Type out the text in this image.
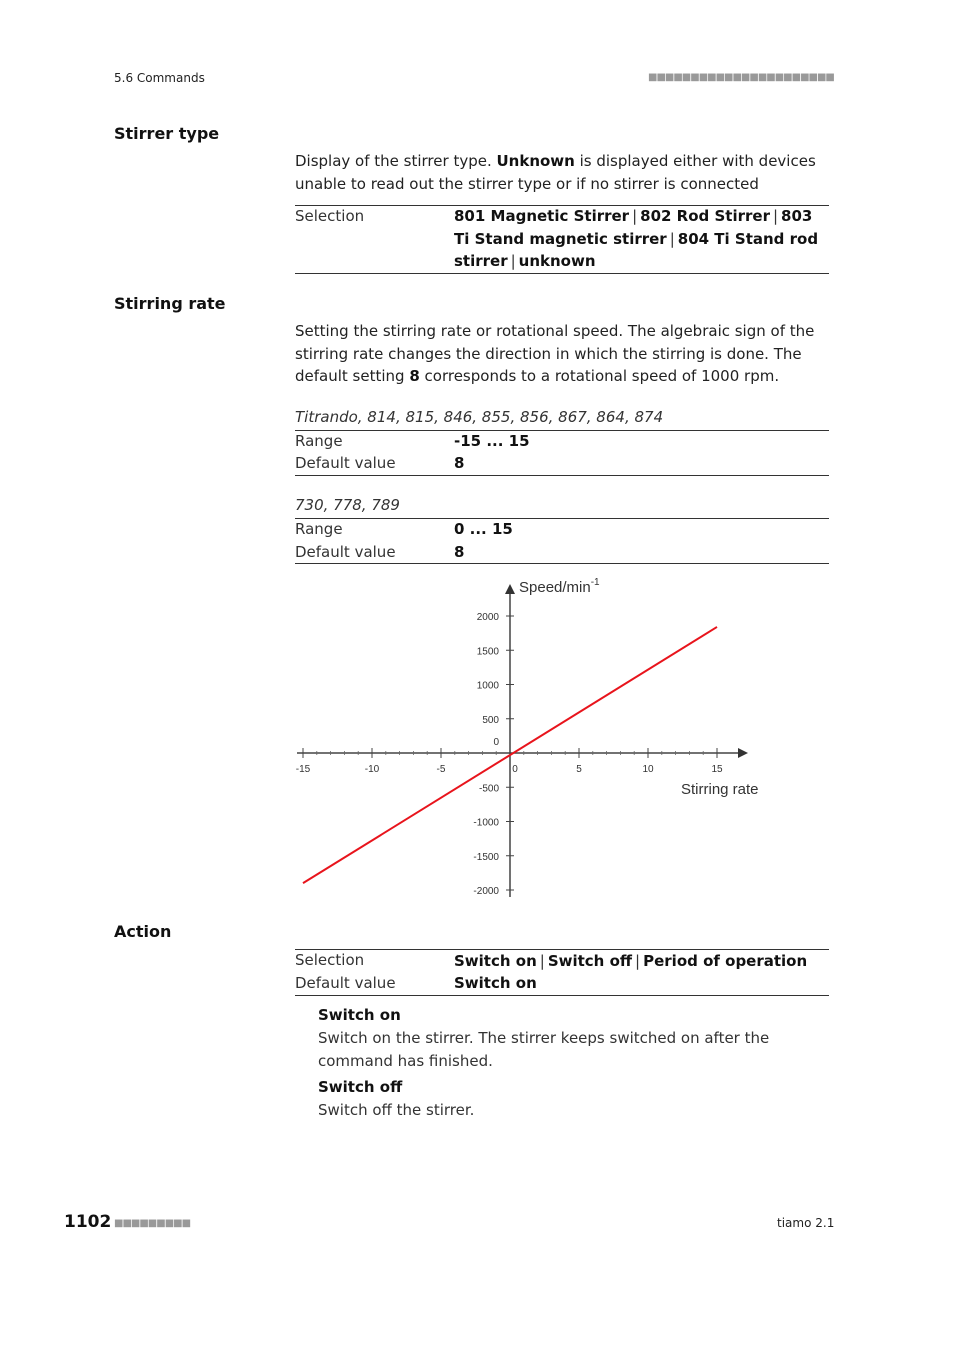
5.6 Commands	■■■■■■■■■■■■■■■■■■■■■■
Stirrer type
Display of the stirrer type. Unknown is displayed either with devices unable to read out the stirrer type or if no stirrer is connected
Selection	801 Magnetic Stirrer | 802 Rod Stirrer | 803 Ti Stand magnetic stirrer | 804 Ti Stand rod stirrer | unknown
Stirring rate
Setting the stirring rate or rotational speed. The algebraic sign of the stirring rate changes the direction in which the stirring is done. The default setting 8 corresponds to a rotational speed of 1000 rpm.
Titrando, 814, 815, 846, 855, 856, 867, 864, 874
Range	-15 ... 15
Default value	8
730, 778, 789
Range	0 ... 15
Default value	8
-15	-10	-5	0	5	10	15
-2000
-1500
-1000
-500
0
500
1000
1500
2000
Speed/$\min^{-1}$
Stirring rate
Action
Selection	Switch on | Switch off | Period of operation
Default value	Switch on
Switch on
Switch on the stirrer. The stirrer keeps switched on after the command has finished.
Switch off
Switch off the stirrer.
1102 ■■■■■■■■■	tiamo 2.1
